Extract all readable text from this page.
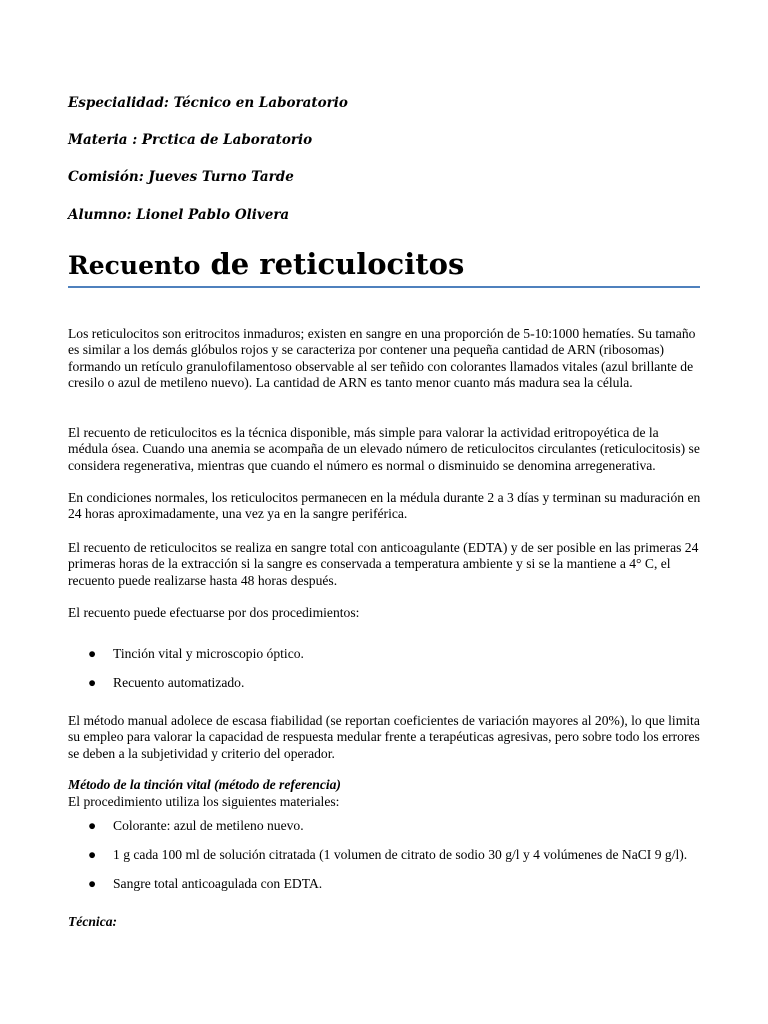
Especialidad: Técnico en Laboratorio
Materia : Prctica de Laboratorio
Comisión: Jueves Turno Tarde
Alumno: Lionel Pablo Olivera
Recuento de reticulocitos

Los reticulocitos son eritrocitos inmaduros; existen en sangre en una proporción de 5-10:1000 hematíes. Su tamaño es similar a los demás glóbulos rojos y se caracteriza por contener una pequeña cantidad de ARN (ribosomas) formando un retículo granulofilamentoso observable al ser teñido con colorantes llamados vitales (azul brillante de cresilo o azul de metileno nuevo). La cantidad de ARN es tanto menor cuanto más madura sea la célula.

El recuento de reticulocitos es la técnica disponible, más simple para valorar la actividad eritropoyética de la médula ósea. Cuando una anemia se acompaña de un elevado número de reticulocitos circulantes (reticulocitosis) se considera regenerativa, mientras que cuando el número es normal o disminuido se denomina arregenerativa.

En condiciones normales, los reticulocitos permanecen en la médula durante 2 a 3 días y terminan su maduración en 24 horas aproximadamente, una vez ya en la sangre periférica.

El recuento de reticulocitos se realiza en sangre total con anticoagulante (EDTA) y de ser posible en las primeras 24 primeras horas de la extracción si la sangre es conservada a temperatura ambiente y si se la mantiene a 4° C, el recuento puede realizarse hasta 48 horas después.

El recuento puede efectuarse por dos procedimientos:

● Tinción vital y microscopio óptico.
● Recuento automatizado.

El método manual adolece de escasa fiabilidad (se reportan coeficientes de variación mayores al 20%), lo que limita su empleo para valorar la capacidad de respuesta medular frente a terapéuticas agresivas, pero sobre todo los errores se deben a la subjetividad y criterio del operador.

Método de la tinción vital (método de referencia)

El procedimiento utiliza los siguientes materiales:

● Colorante: azul de metileno nuevo.
● 1 g cada 100 ml de solución citratada (1 volumen de citrato de sodio 30 g/l y 4 volúmenes de NaCI 9 g/l).
● Sangre total anticoagulada con EDTA.
Técnica:
